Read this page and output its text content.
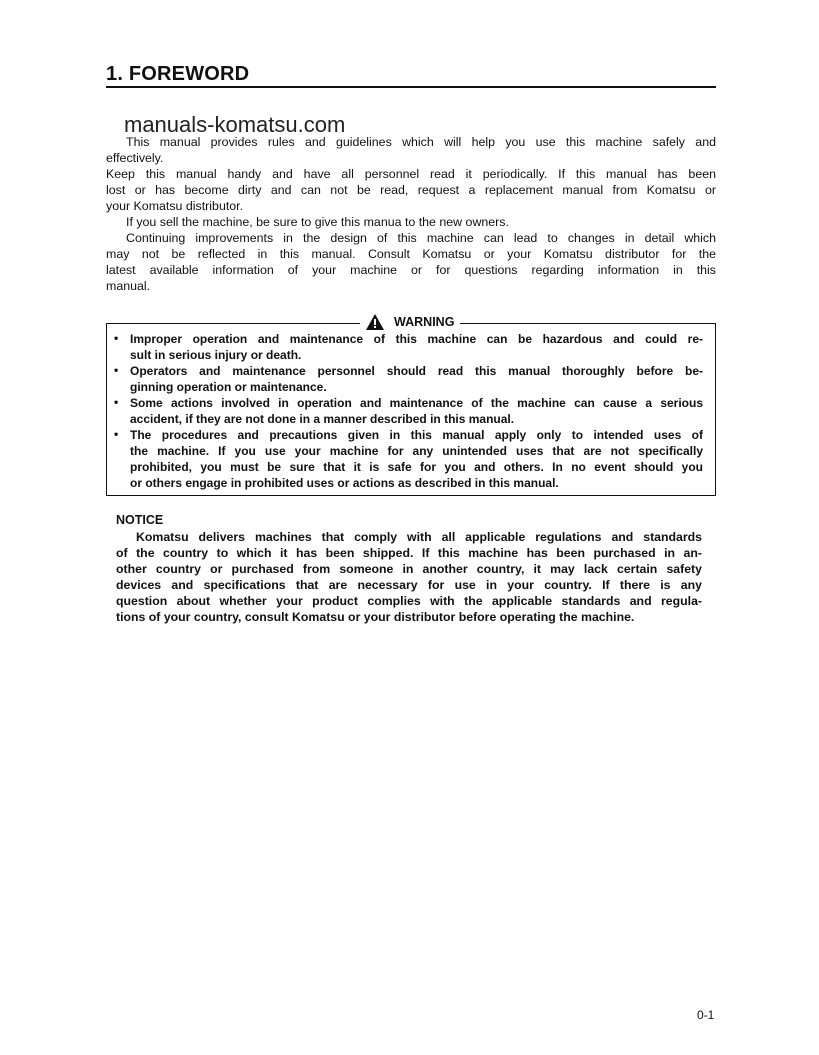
1. FOREWORD
manuals-komatsu.com
This manual provides rules and guidelines which will help you use this machine safely and
effectively.
Keep this manual handy and have all personnel read it periodically. If this manual has been
lost or has become dirty and can not be read, request a replacement manual from Komatsu or
your Komatsu distributor.
If you sell the machine, be sure to give this manua to the new owners.
Continuing improvements in the design of this machine can lead to changes in detail which
may not be reflected in this manual. Consult Komatsu or your Komatsu distributor for the
latest available information of your machine or for questions regarding information in this
manual.
WARNING
• Improper operation and maintenance of this machine can be hazardous and could re-
sult in serious injury or death.
• Operators and maintenance personnel should read this manual thoroughly before be-
ginning operation or maintenance.
• Some actions involved in operation and maintenance of the machine can cause a serious
accident, if they are not done in a manner described in this manual.
• The procedures and precautions given in this manual apply only to intended uses of
the machine. If you use your machine for any unintended uses that are not specifically
prohibited, you must be sure that it is safe for you and others. In no event should you
or others engage in prohibited uses or actions as described in this manual.
NOTICE
Komatsu delivers machines that comply with all applicable regulations and standards
of the country to which it has been shipped. If this machine has been purchased in an-
other country or purchased from someone in another country, it may lack certain safety
devices and specifications that are necessary for use in your country. If there is any
question about whether your product complies with the applicable standards and regula-
tions of your country, consult Komatsu or your distributor before operating the machine.
0-1
